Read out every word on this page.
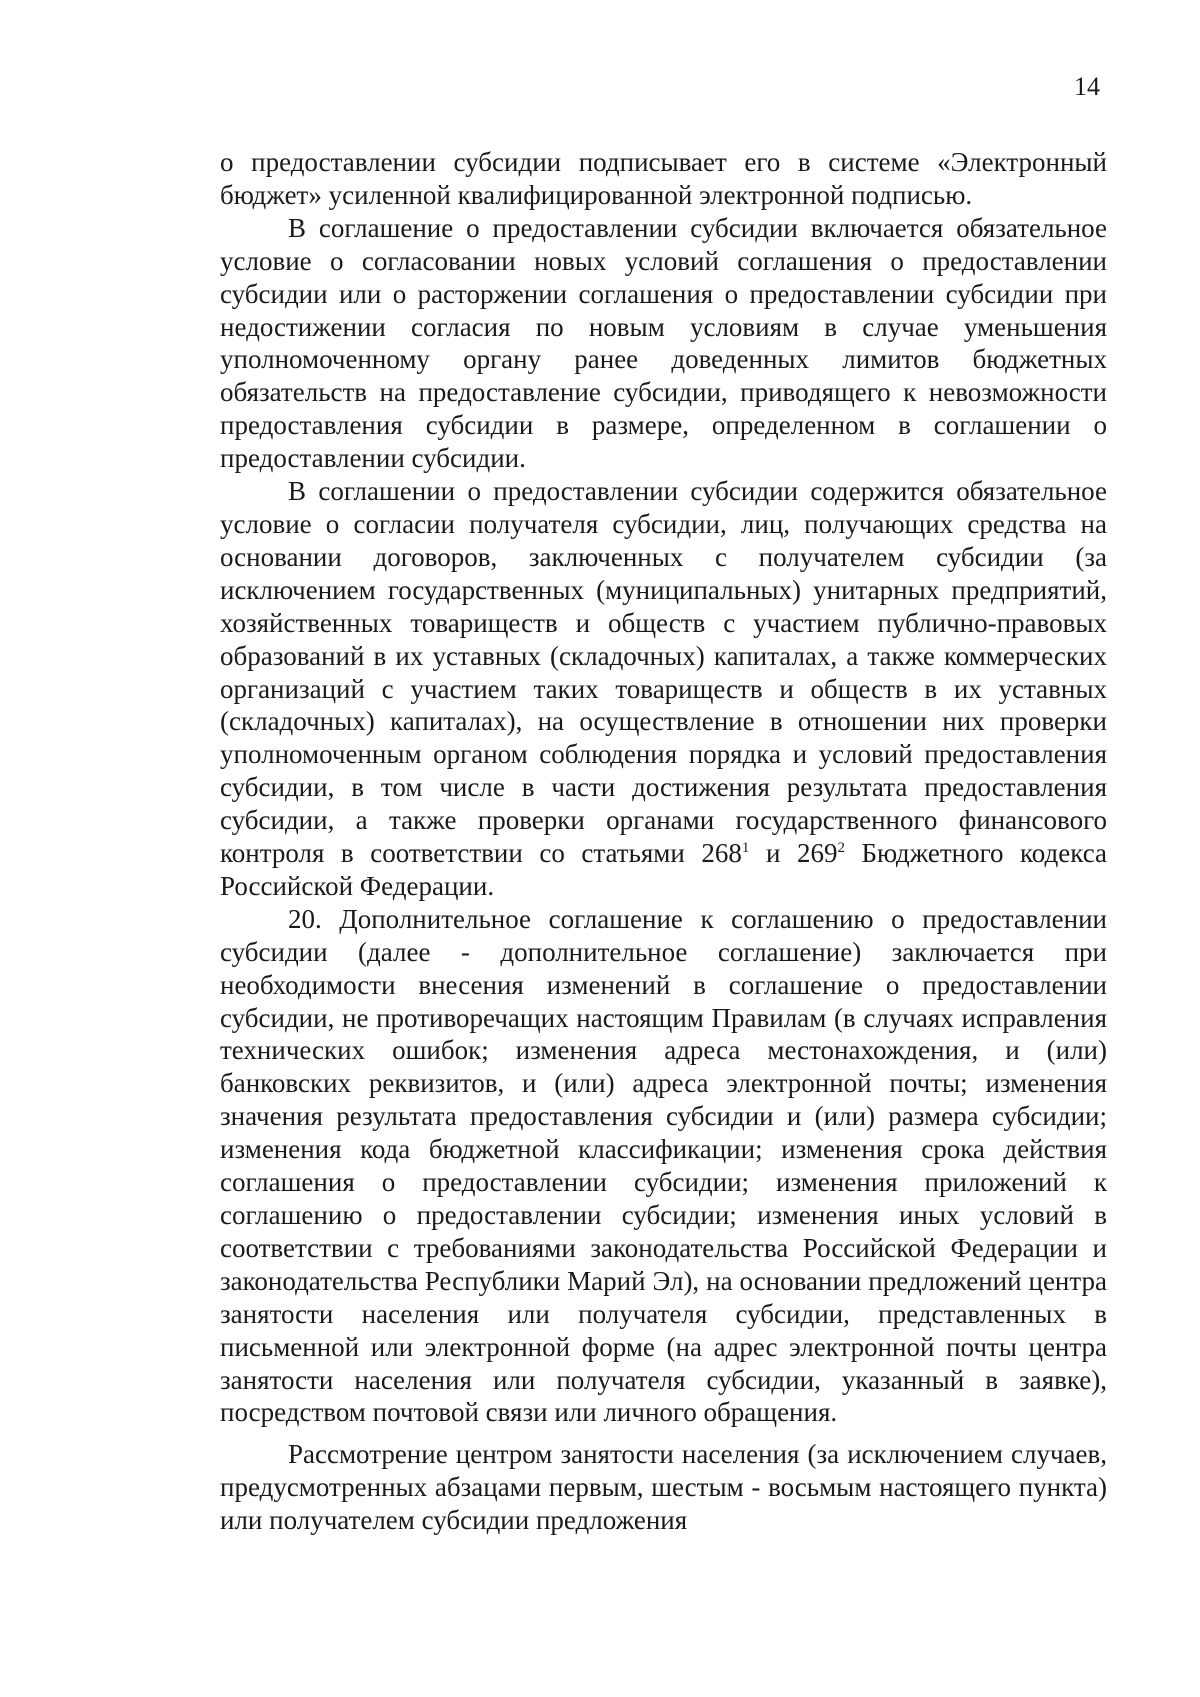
14

о предоставлении субсидии подписывает его в системе «Электронный бюджет» усиленной квалифицированной электронной подписью.

В соглашение о предоставлении субсидии включается обязательное условие о согласовании новых условий соглашения о предоставлении субсидии или о расторжении соглашения о предоставлении субсидии при недостижении согласия по новым условиям в случае уменьшения уполномоченному органу ранее доведенных лимитов бюджетных обязательств на предоставление субсидии, приводящего к невозможности предоставления субсидии в размере, определенном в соглашении о предоставлении субсидии.

В соглашении о предоставлении субсидии содержится обязательное условие о согласии получателя субсидии, лиц, получающих средства на основании договоров, заключенных с получателем субсидии (за исключением государственных (муниципальных) унитарных предприятий, хозяйственных товариществ и обществ с участием публично-правовых образований в их уставных (складочных) капиталах, а также коммерческих организаций с участием таких товариществ и обществ в их уставных (складочных) капиталах), на осуществление в отношении них проверки уполномоченным органом соблюдения порядка и условий предоставления субсидии, в том числе в части достижения результата предоставления субсидии, а также проверки органами государственного финансового контроля в соответствии со статьями $268^1$ и $269^2$ Бюджетного кодекса Российской Федерации.

20. Дополнительное соглашение к соглашению о предоставлении субсидии (далее - дополнительное соглашение) заключается при необходимости внесения изменений в соглашение о предоставлении субсидии, не противоречащих настоящим Правилам (в случаях исправления технических ошибок; изменения адреса местонахождения, и (или) банковских реквизитов, и (или) адреса электронной почты; изменения значения результата предоставления субсидии и (или) размера субсидии; изменения кода бюджетной классификации; изменения срока действия соглашения о предоставлении субсидии; изменения приложений к соглашению о предоставлении субсидии; изменения иных условий в соответствии с требованиями законодательства Российской Федерации и законодательства Республики Марий Эл), на основании предложений центра занятости населения или получателя субсидии, представленных в письменной или электронной форме (на адрес электронной почты центра занятости населения или получателя субсидии, указанный в заявке), посредством почтовой связи или личного обращения.

Рассмотрение центром занятости населения (за исключением случаев, предусмотренных абзацами первым, шестым - восьмым настоящего пункта) или получателем субсидии предложения
